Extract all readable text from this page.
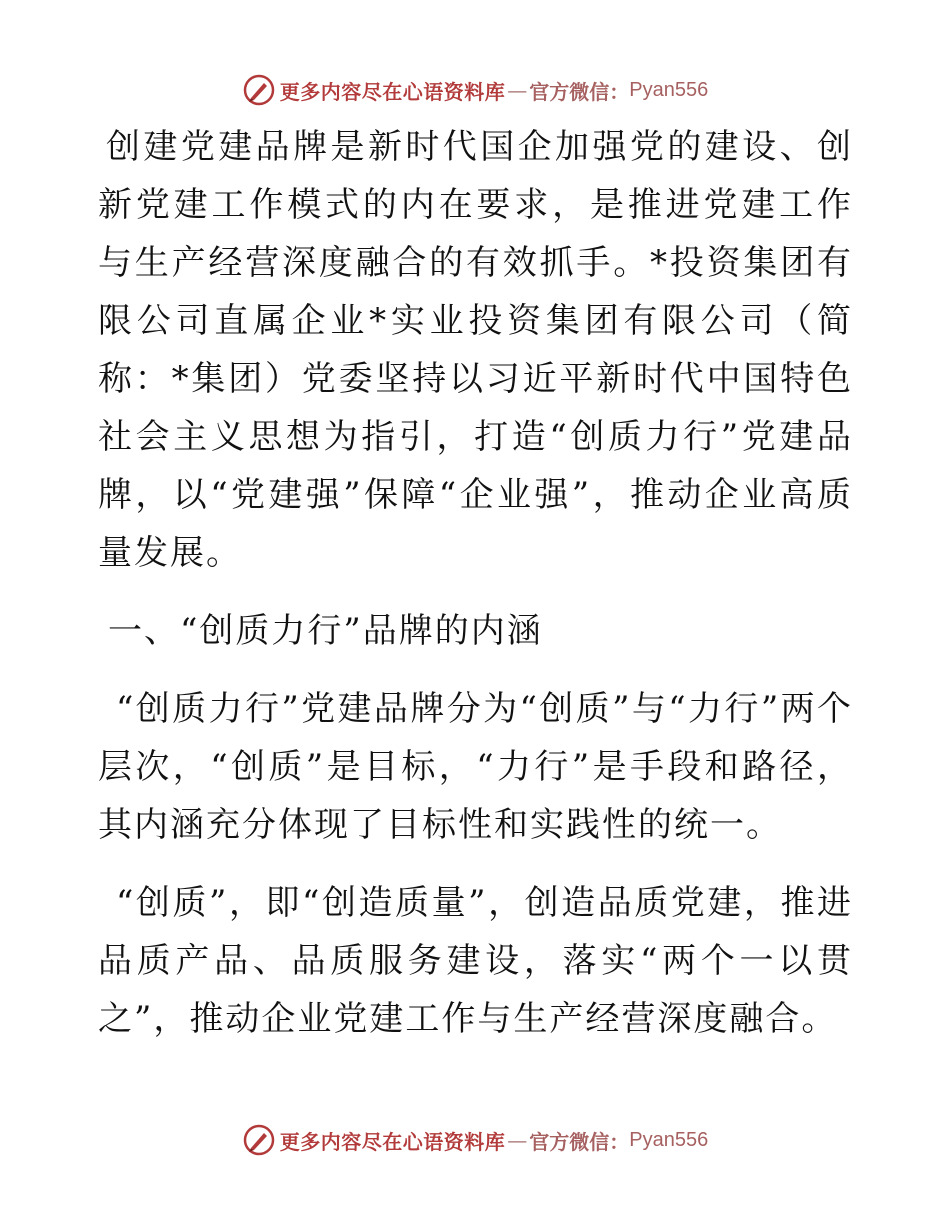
更多内容尽在心语资料库 — 官方微信： Pyan556

创建党建品牌是新时代国企加强党的建设、创新党建工作模式的内在要求，是推进党建工作与生产经营深度融合的有效抓手。*投资集团有限公司直属企业*实业投资集团有限公司（简称：*集团）党委坚持以习近平新时代中国特色社会主义思想为指引，打造“创质力行”党建品牌，以“党建强”保障“企业强”，推动企业高质量发展。

一、“创质力行”品牌的内涵

“创质力行”党建品牌分为“创质”与“力行”两个层次，“创质”是目标，“力行”是手段和路径，其内涵充分体现了目标性和实践性的统一。

“创质”，即“创造质量”，创造品质党建，推进品质产品、品质服务建设，落实“两个一以贯之”，推动企业党建工作与生产经营深度融合。

更多内容尽在心语资料库 — 官方微信： Pyan556
